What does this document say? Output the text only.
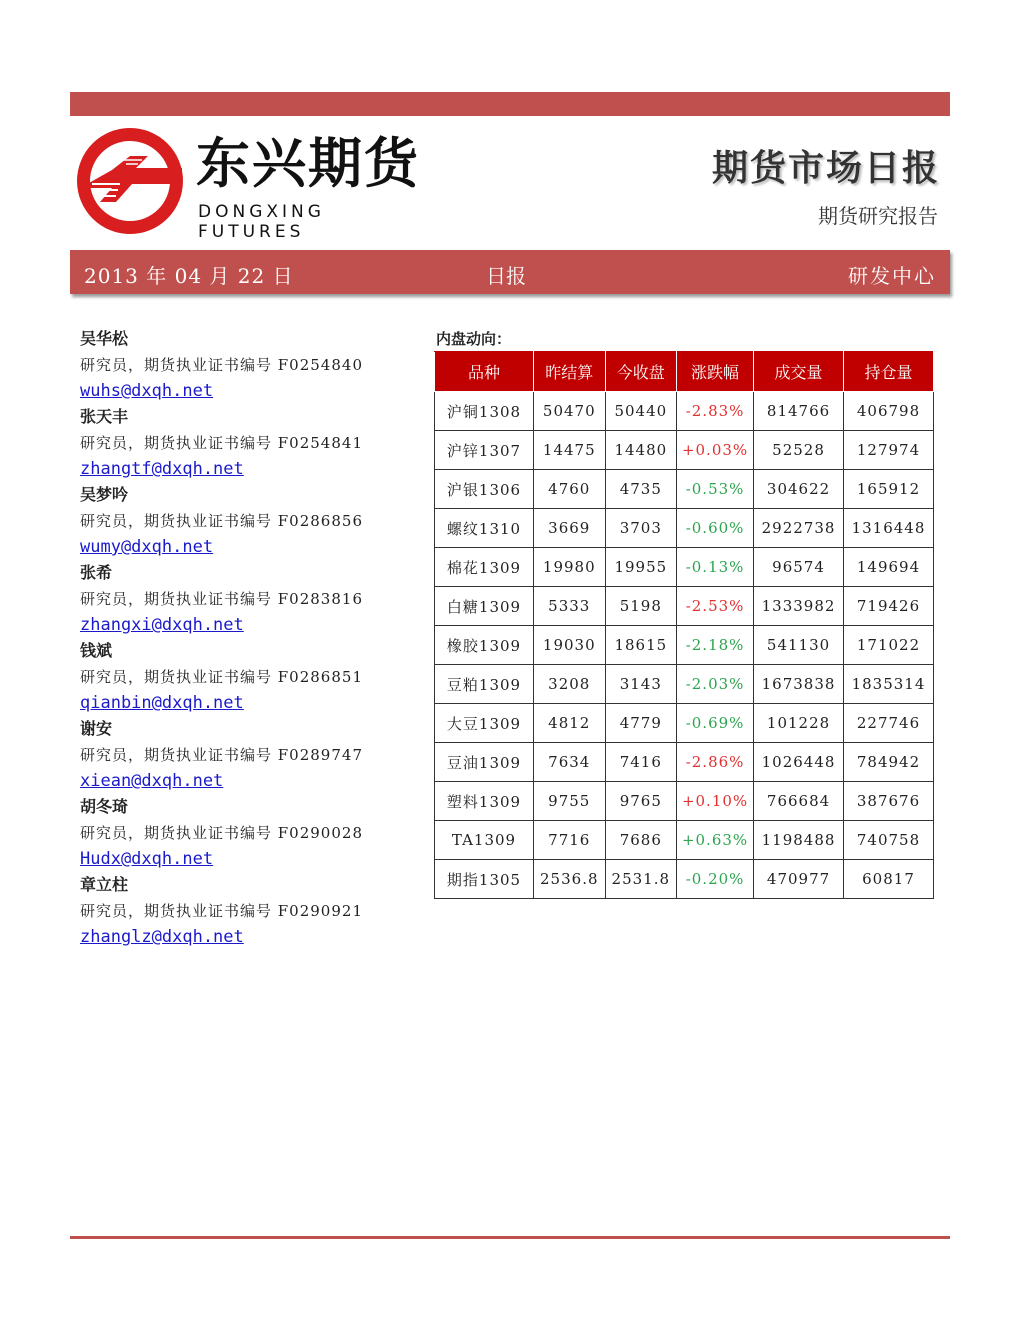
东兴期货
DONGXING FUTURES
期货市场日报
期货研究报告
2013 年 04 月 22 日	日报	研发中心
吴华松
研究员，期货执业证书编号 F0254840
wuhs@dxqh.net
张天丰
研究员，期货执业证书编号 F0254841
zhangtf@dxqh.net
吴梦吟
研究员，期货执业证书编号 F0286856
wumy@dxqh.net
张希
研究员，期货执业证书编号 F0283816
zhangxi@dxqh.net
钱斌
研究员，期货执业证书编号 F0286851
qianbin@dxqh.net
谢安
研究员，期货执业证书编号 F0289747
xiean@dxqh.net
胡冬琦
研究员，期货执业证书编号 F0290028
Hudx@dxqh.net
章立柱
研究员，期货执业证书编号 F0290921
zhanglz@dxqh.net
内盘动向：
品种	昨结算	今收盘	涨跌幅	成交量	持仓量
沪铜1308	50470	50440	-2.83%	814766	406798
沪锌1307	14475	14480	+0.03%	52528	127974
沪银1306	4760	4735	-0.53%	304622	165912
螺纹1310	3669	3703	-0.60%	2922738	1316448
棉花1309	19980	19955	-0.13%	96574	149694
白糖1309	5333	5198	-2.53%	1333982	719426
橡胶1309	19030	18615	-2.18%	541130	171022
豆粕1309	3208	3143	-2.03%	1673838	1835314
大豆1309	4812	4779	-0.69%	101228	227746
豆油1309	7634	7416	-2.86%	1026448	784942
塑料1309	9755	9765	+0.10%	766684	387676
TA1309	7716	7686	+0.63%	1198488	740758
期指1305	2536.8	2531.8	-0.20%	470977	60817
